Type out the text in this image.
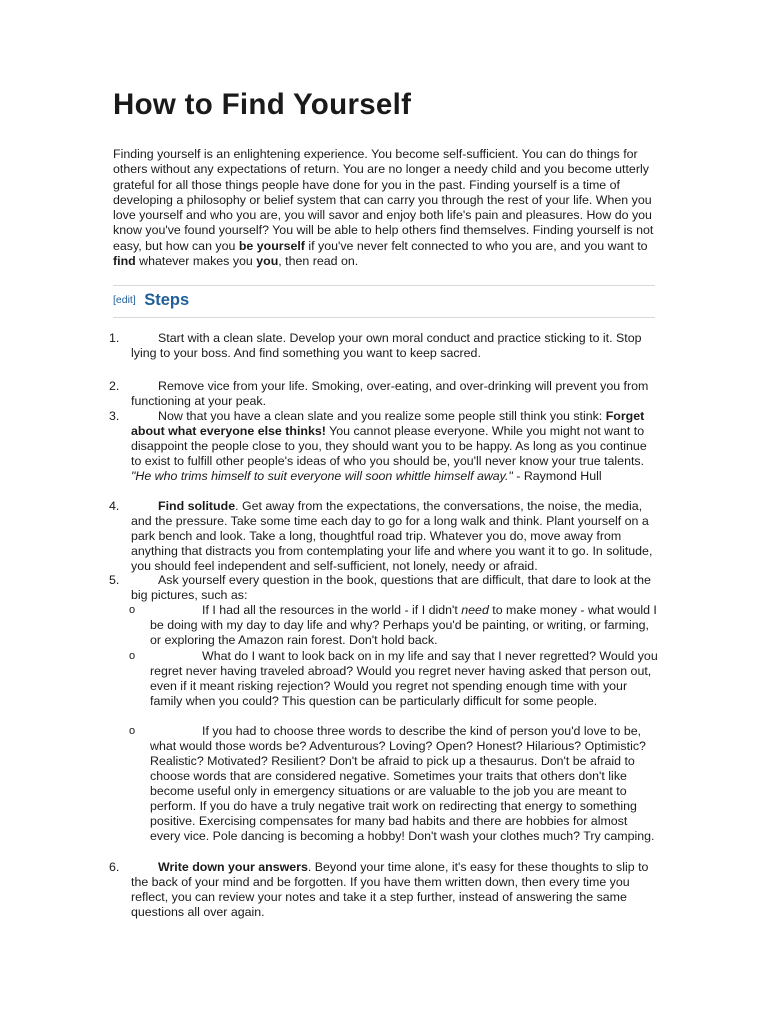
How to Find Yourself

Finding yourself is an enlightening experience. You become self-sufficient. You can do things for others without any expectations of return. You are no longer a needy child and you become utterly grateful for all those things people have done for you in the past. Finding yourself is a time of developing a philosophy or belief system that can carry you through the rest of your life. When you love yourself and who you are, you will savor and enjoy both life's pain and pleasures. How do you know you've found yourself? You will be able to help others find themselves. Finding yourself is not easy, but how can you be yourself if you've never felt connected to who you are, and you want to find whatever makes you you, then read on.

[edit] Steps
1.	Start with a clean slate. Develop your own moral conduct and practice sticking to it. Stop lying to your boss. And find something you want to keep sacred.

2.	Remove vice from your life. Smoking, over-eating, and over-drinking will prevent you from functioning at your peak.

3.	Now that you have a clean slate and you realize some people still think you stink: Forget about what everyone else thinks! You cannot please everyone. While you might not want to disappoint the people close to you, they should want you to be happy. As long as you continue to exist to fulfill other people's ideas of who you should be, you'll never know your true talents. "He who trims himself to suit everyone will soon whittle himself away." - Raymond Hull

4.	Find solitude. Get away from the expectations, the conversations, the noise, the media, and the pressure. Take some time each day to go for a long walk and think. Plant yourself on a park bench and look. Take a long, thoughtful road trip. Whatever you do, move away from anything that distracts you from contemplating your life and where you want it to go. In solitude, you should feel independent and self-sufficient, not lonely, needy or afraid.

5.	Ask yourself every question in the book, questions that are difficult, that dare to look at the big pictures, such as:

6.	Write down your answers. Beyond your time alone, it's easy for these thoughts to slip to the back of your mind and be forgotten. If you have them written down, then every time you reflect, you can review your notes and take it a step further, instead of answering the same questions all over again.

o	If I had all the resources in the world - if I didn't need to make money - what would I be doing with my day to day life and why? Perhaps you'd be painting, or writing, or farming, or exploring the Amazon rain forest. Don't hold back.

o	What do I want to look back on in my life and say that I never regretted? Would you regret never having traveled abroad? Would you regret never having asked that person out, even if it meant risking rejection? Would you regret not spending enough time with your family when you could? This question can be particularly difficult for some people.

o	If you had to choose three words to describe the kind of person you'd love to be, what would those words be? Adventurous? Loving? Open? Honest? Hilarious? Optimistic? Realistic? Motivated? Resilient? Don't be afraid to pick up a thesaurus. Don't be afraid to choose words that are considered negative. Sometimes your traits that others don't like become useful only in emergency situations or are valuable to the job you are meant to perform. If you do have a truly negative trait work on redirecting that energy to something positive. Exercising compensates for many bad habits and there are hobbies for almost every vice. Pole dancing is becoming a hobby! Don't wash your clothes much? Try camping.
